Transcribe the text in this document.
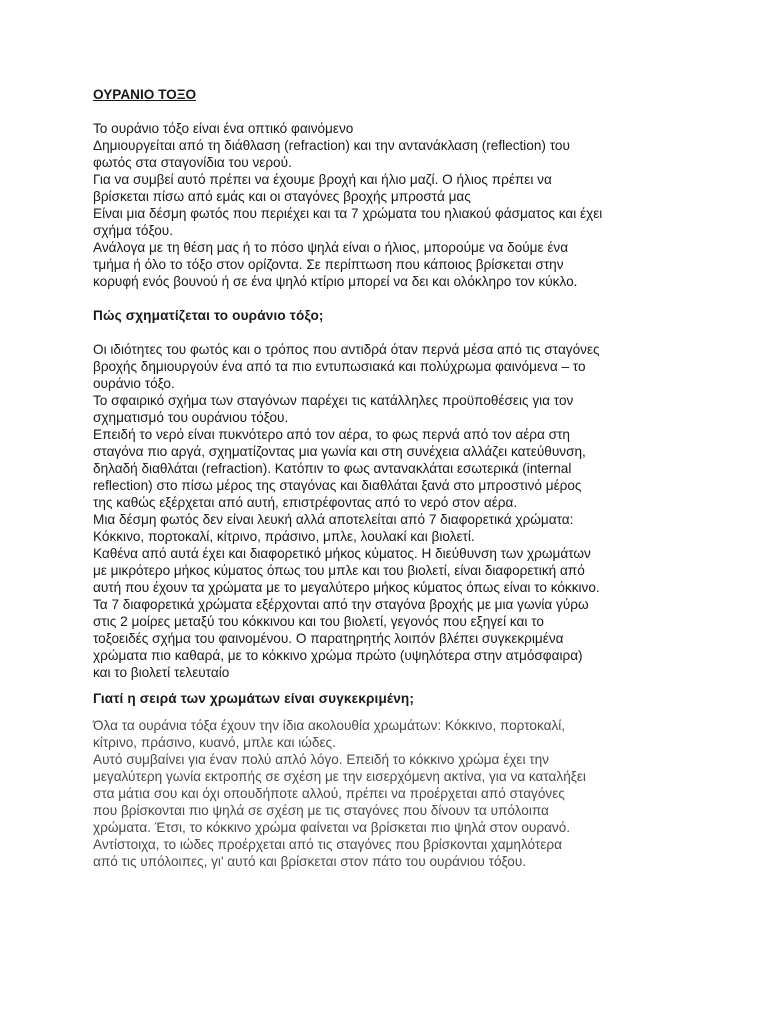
ΟΥΡΑΝΙΟ ΤΟΞΟ

Το ουράνιο τόξο είναι ένα οπτικό φαινόμενο

Δημιουργείται από τη διάθλαση (refraction) και την αντανάκλαση (reflection) του
φωτός στα σταγονίδια του νερού.

Για να συμβεί αυτό πρέπει να έχουμε βροχή και ήλιο μαζί. Ο ήλιος πρέπει να
βρίσκεται πίσω από εμάς και οι σταγόνες βροχής μπροστά μας

Είναι μια δέσμη φωτός που περιέχει και τα 7 χρώματα του ηλιακού φάσματος και έχει
σχήμα τόξου.

Ανάλογα με τη θέση μας ή το πόσο ψηλά είναι ο ήλιος, μπορούμε να δούμε ένα
τμήμα ή όλο το τόξο στον ορίζοντα. Σε περίπτωση που κάποιος βρίσκεται στην
κορυφή ενός βουνού ή σε ένα ψηλό κτίριο μπορεί να δει και ολόκληρο τον κύκλο.

Πώς σχηματίζεται το ουράνιο τόξο;

Οι ιδιότητες του φωτός και ο τρόπος που αντιδρά όταν περνά μέσα από τις σταγόνες
βροχής δημιουργούν ένα από τα πιο εντυπωσιακά και πολύχρωμα φαινόμενα – το
ουράνιο τόξο.

Το σφαιρικό σχήμα των σταγόνων παρέχει τις κατάλληλες προϋποθέσεις για τον
σχηματισμό του ουράνιου τόξου.

Επειδή το νερό είναι πυκνότερο από τον αέρα, το φως περνά από τον αέρα στη
σταγόνα πιο αργά, σχηματίζοντας μια γωνία και στη συνέχεια αλλάζει κατεύθυνση,
δηλαδή διαθλάται (refraction). Κατόπιν το φως αντανακλάται εσωτερικά (internal
reflection) στο πίσω μέρος της σταγόνας και διαθλάται ξανά στο μπροστινό μέρος
της καθώς εξέρχεται από αυτή, επιστρέφοντας από το νερό στον αέρα.

Μια δέσμη φωτός δεν είναι λευκή αλλά αποτελείται από 7 διαφορετικά χρώματα:
Κόκκινο, πορτοκαλί, κίτρινο, πράσινο, μπλε, λουλακί και βιολετί.

Καθένα από αυτά έχει και διαφορετικό μήκος κύματος. Η διεύθυνση των χρωμάτων
με μικρότερο μήκος κύματος όπως του μπλε και του βιολετί, είναι διαφορετική από
αυτή που έχουν τα χρώματα με το μεγαλύτερο μήκος κύματος όπως είναι το κόκκινο.

Τα 7 διαφορετικά χρώματα εξέρχονται από την σταγόνα βροχής με μια γωνία γύρω
στις 2 μοίρες μεταξύ του κόκκινου και του βιολετί, γεγονός που εξηγεί και το
τοξοειδές σχήμα του φαινομένου. Ο παρατηρητής λοιπόν βλέπει συγκεκριμένα
χρώματα πιο καθαρά, με το κόκκινο χρώμα πρώτο (υψηλότερα στην ατμόσφαιρα)
και το βιολετί τελευταίο

Γιατί η σειρά των χρωμάτων είναι συγκεκριμένη;

Όλα τα ουράνια τόξα έχουν την ίδια ακολουθία χρωμάτων: Κόκκινο, πορτοκαλί,
κίτρινο, πράσινο, κυανό, μπλε και ιώδες.

Αυτό συμβαίνει για έναν πολύ απλό λόγο. Επειδή το κόκκινο χρώμα έχει την
μεγαλύτερη γωνία εκτροπής σε σχέση με την εισερχόμενη ακτίνα, για να καταλήξει
στα μάτια σου και όχι οπουδήποτε αλλού, πρέπει να προέρχεται από σταγόνες
που βρίσκονται πιο ψηλά σε σχέση με τις σταγόνες που δίνουν τα υπόλοιπα
χρώματα. Έτσι, το κόκκινο χρώμα φαίνεται να βρίσκεται πιο ψηλά στον ουρανό.

Αντίστοιχα, το ιώδες προέρχεται από τις σταγόνες που βρίσκονται χαμηλότερα
από τις υπόλοιπες, γι' αυτό και βρίσκεται στον πάτο του ουράνιου τόξου.
